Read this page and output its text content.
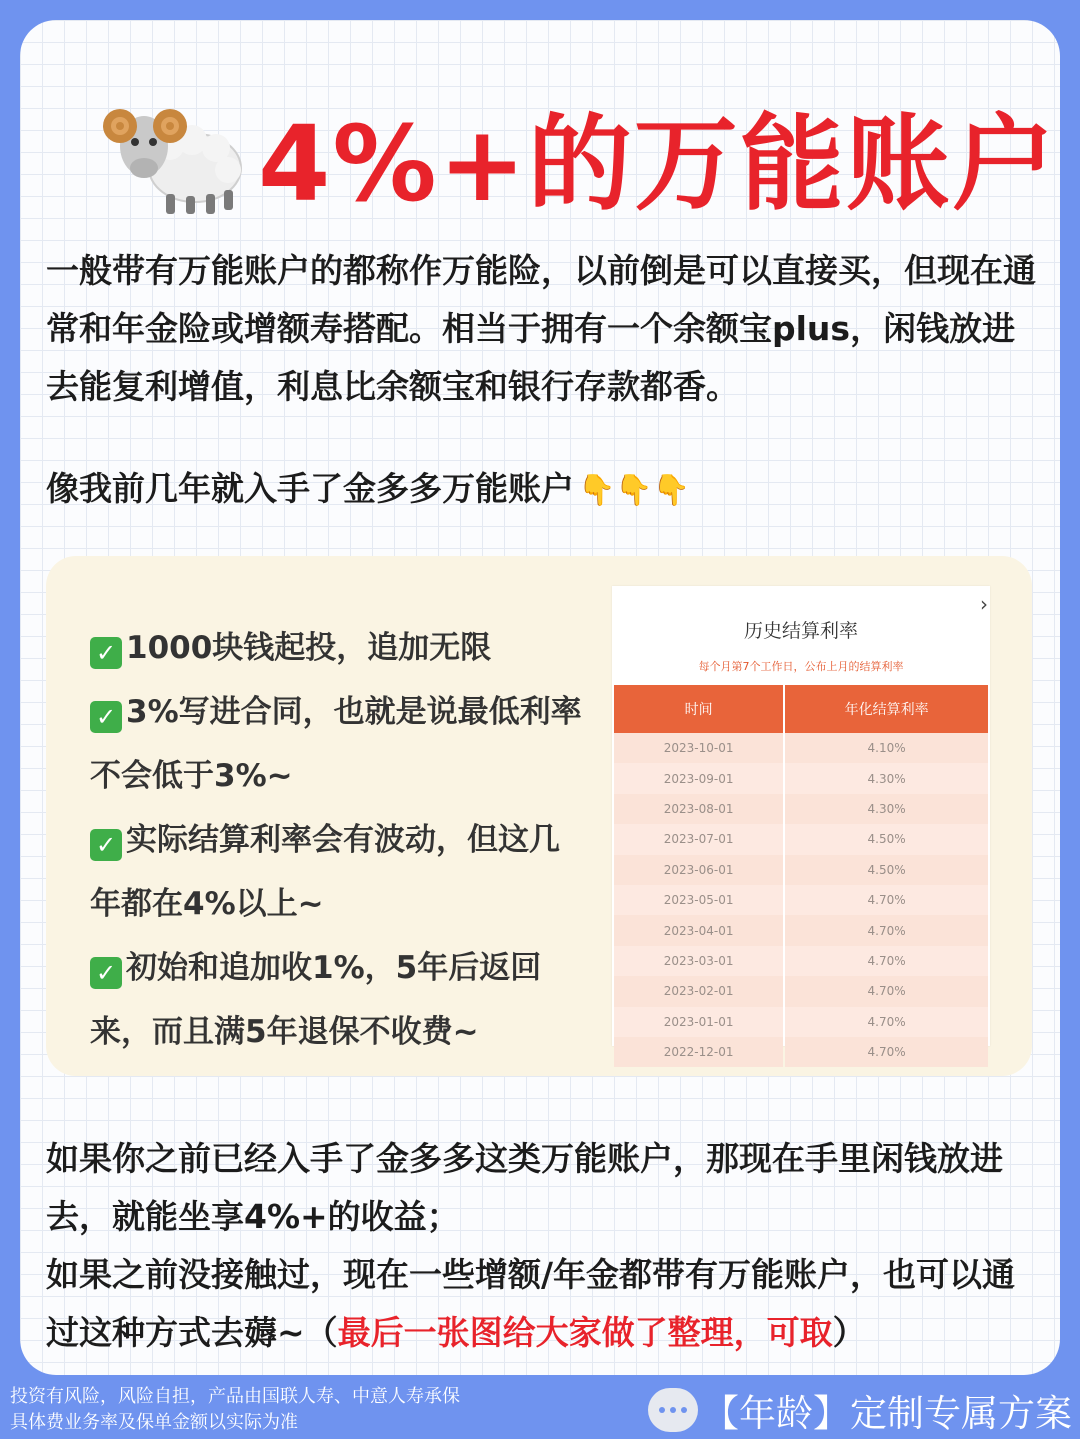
4%+的万能账户
一般带有万能账户的都称作万能险，以前倒是可以直接买，但现在通常和年金险或增额寿搭配。相当于拥有一个余额宝plus，闲钱放进去能复利增值，利息比余额宝和银行存款都香。
像我前几年就入手了金多多万能账户 👇👇👇
✓ 1000块钱起投，追加无限
✓ 3%写进合同，也就是说最低利率不会低于3%~
✓ 实际结算利率会有波动，但这几年都在4%以上~
✓ 初始和追加收1%，5年后返回来，而且满5年退保不收费~
›
历史结算利率
每个月第7个工作日，公布上月的结算利率
时间	年化结算利率
2023-10-01	4.10%
2023-09-01	4.30%
2023-08-01	4.30%
2023-07-01	4.50%
2023-06-01	4.50%
2023-05-01	4.70%
2023-04-01	4.70%
2023-03-01	4.70%
2023-02-01	4.70%
2023-01-01	4.70%
2022-12-01	4.70%
如果你之前已经入手了金多多这类万能账户，那现在手里闲钱放进去，就能坐享4%+的收益；
如果之前没接触过，现在一些增额/年金都带有万能账户，也可以通过这种方式去薅~（最后一张图给大家做了整理，可取）
投资有风险，风险自担，产品由国联人寿、中意人寿承保
具体费业务率及保单金额以实际为准	【年龄】定制专属方案
